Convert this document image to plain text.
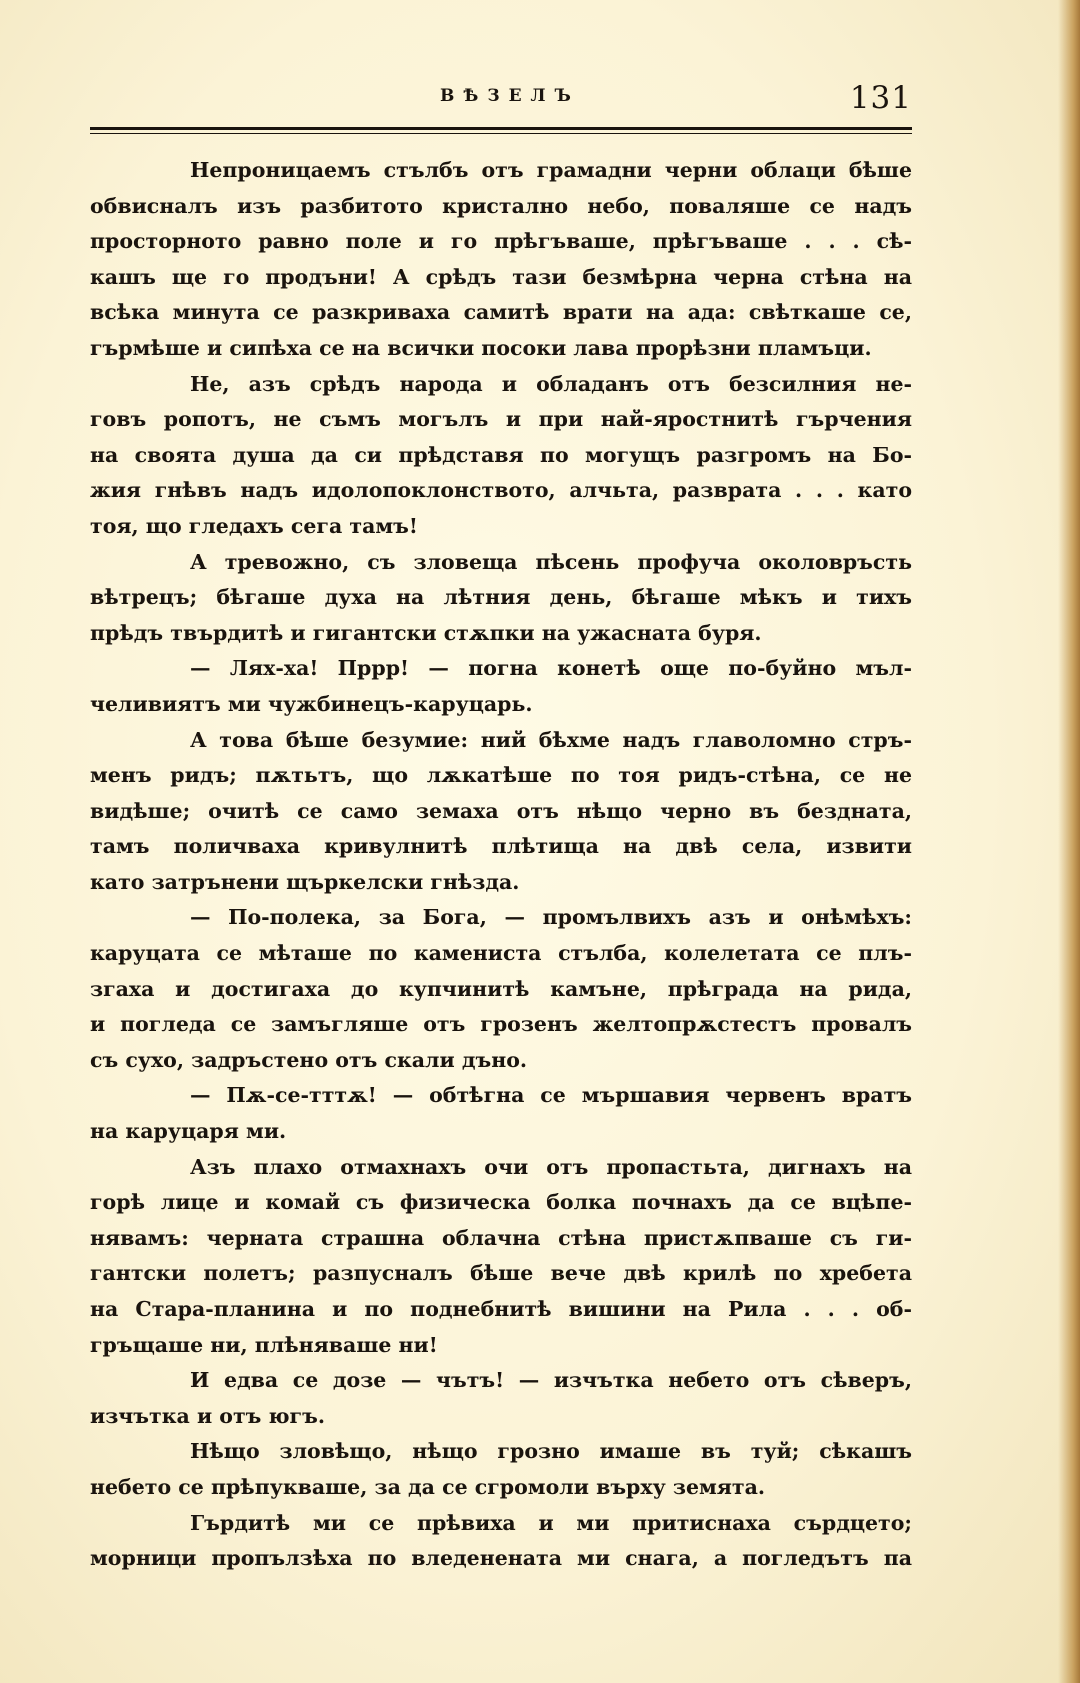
ВѢЗЕЛЪ	131
Непроницаемъ стълбъ отъ грамадни черни облаци бѣше
обвиснaлъ изъ разбитото кристално небо, поваляше се надъ
просторното равно поле и го прѣгъваше, прѣгъваше . . . сѣ-
кашъ ще го продъни! А срѣдъ тази безмѣрна черна стѣна на
всѣка минута се разкриваха самитѣ врати на ада: свѣткаше се,
гърмѣше и сипѣха се на всички посоки лава прорѣзни пламъци.
Не, азъ срѣдъ народа и обладанъ отъ безсилния не-
говъ ропотъ, не съмъ могълъ и при най-яростнитѣ гърчения
на своята душа да си прѣдставя по могущъ разгромъ на Бо-
жия гнѣвъ надъ идолопоклонството, алчьта, разврата . . . като
тоя, що гледахъ сега тамъ!
А тревожно, съ зловеща пѣсень профуча околовръсть
вѣтрецъ; бѣгаше духа на лѣтния день, бѣгаше мѣкъ и тихъ
прѣдъ твърдитѣ и гигантски стѫпки на ужасната буря.
— Лях-ха! Пррр! — погна конетѣ още по-буйно мъл-
челивиятъ ми чужбинецъ-каруцарь.
А това бѣше безумие: ний бѣхме надъ главоломно стръ-
менъ ридъ; пѫтьтъ, що лѫкатѣше по тоя ридъ-стѣна, се не
видѣше; очитѣ се само земаха отъ нѣщо черно въ бездната,
тамъ поличваха кривулнитѣ плѣтища на двѣ села, извити
като затрънени щъркелски гнѣзда.
— По-полека, за Бога, — промълвихъ азъ и онѣмѣхъ:
каруцата се мѣташе по камениста стълба, колелетата се плъ-
згаха и достигаха до купчинитѣ камъне, прѣграда на рида,
и погледа се замъгляше отъ грозенъ желтопрѫстестъ провалъ
съ сухо, задръстено отъ скали дъно.
— Пѫ-се-тттѫ! — обтѣгна се мършавия червенъ вратъ
на каруцаря ми.
Азъ плахо отмахнахъ очи отъ пропастьта, дигнахъ на
горѣ лице и комай съ физическа болка почнахъ да се вцѣпе-
нявамъ: черната страшна облачна стѣна пристѫпваше съ ги-
гантски полетъ; разпусналъ бѣше вече двѣ крилѣ по хребета
на Стара-планина и по поднебнитѣ вишини на Рила . . . об-
гръщаше ни, плѣняваше ни!
И едва се дозе — чътъ! — изчътка небето отъ сѣверъ,
изчътка и отъ югъ.
Нѣщо зловѣщо, нѣщо грозно имаше въ туй; сѣкашъ
небето се прѣпукваше, за да се сгромоли върху земята.
Гърдитѣ ми се прѣвиха и ми притиснаха сърдцето;
морници пропълзѣха по вледенената ми снага, а погледътъ па
